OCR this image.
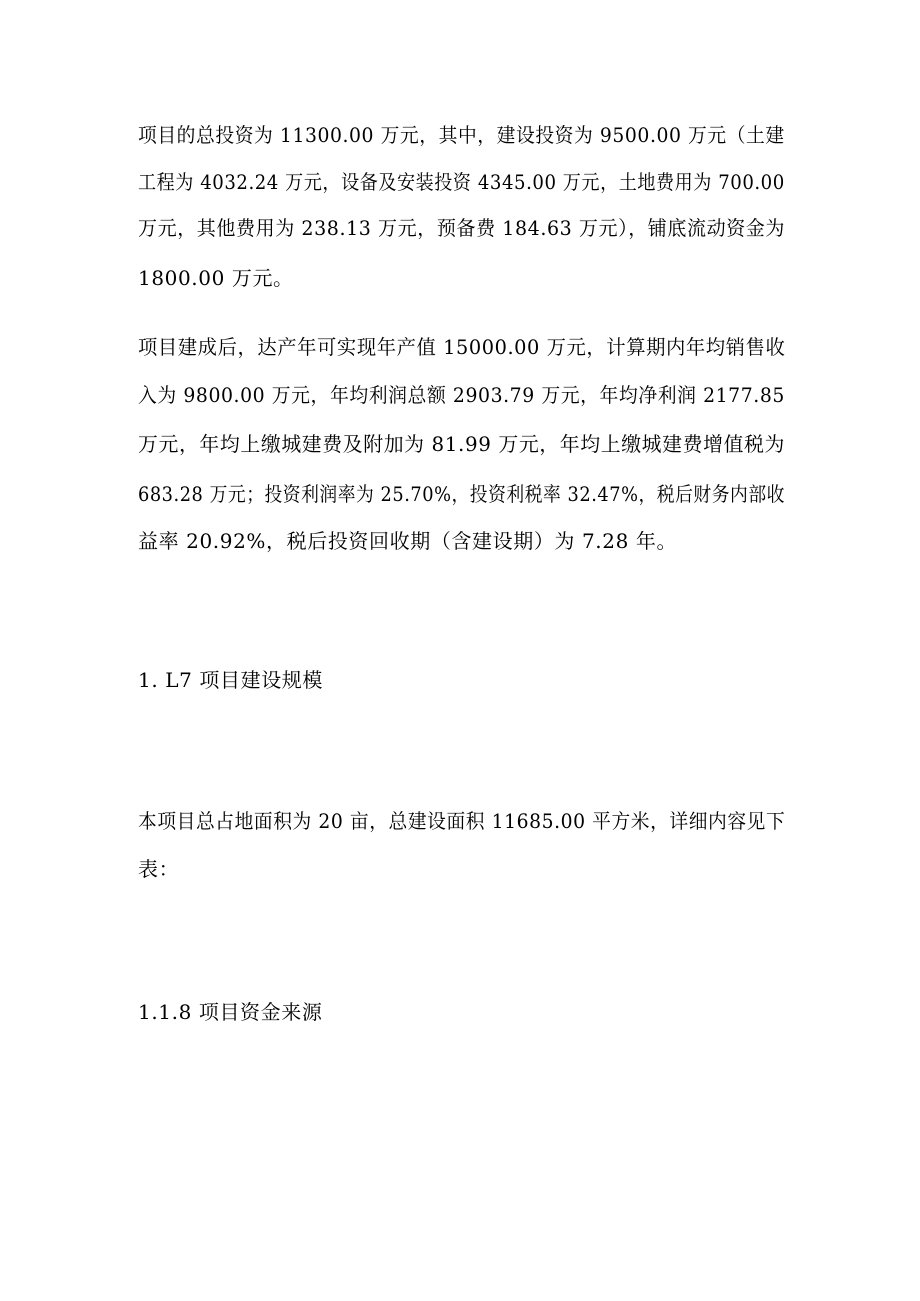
项目的总投资为 11300.00 万元，其中，建设投资为 9500.00 万元（土建
工程为 4032.24 万元，设备及安装投资 4345.00 万元，土地费用为 700.00
万元，其他费用为 238.13 万元，预备费 184.63 万元），铺底流动资金为
1800.00 万元。
项目建成后，达产年可实现年产值 15000.00 万元，计算期内年均销售收
入为 9800.00 万元，年均利润总额 2903.79 万元，年均净利润 2177.85
万元，年均上缴城建费及附加为 81.99 万元，年均上缴城建费增值税为
683.28 万元；投资利润率为 25.70%，投资利税率 32.47%，税后财务内部收
益率 20.92%，税后投资回收期（含建设期）为 7.28 年。
1. L7 项目建设规模
本项目总占地面积为 20 亩，总建设面积 11685.00 平方米，详细内容见下
表：
1.1.8 项目资金来源
